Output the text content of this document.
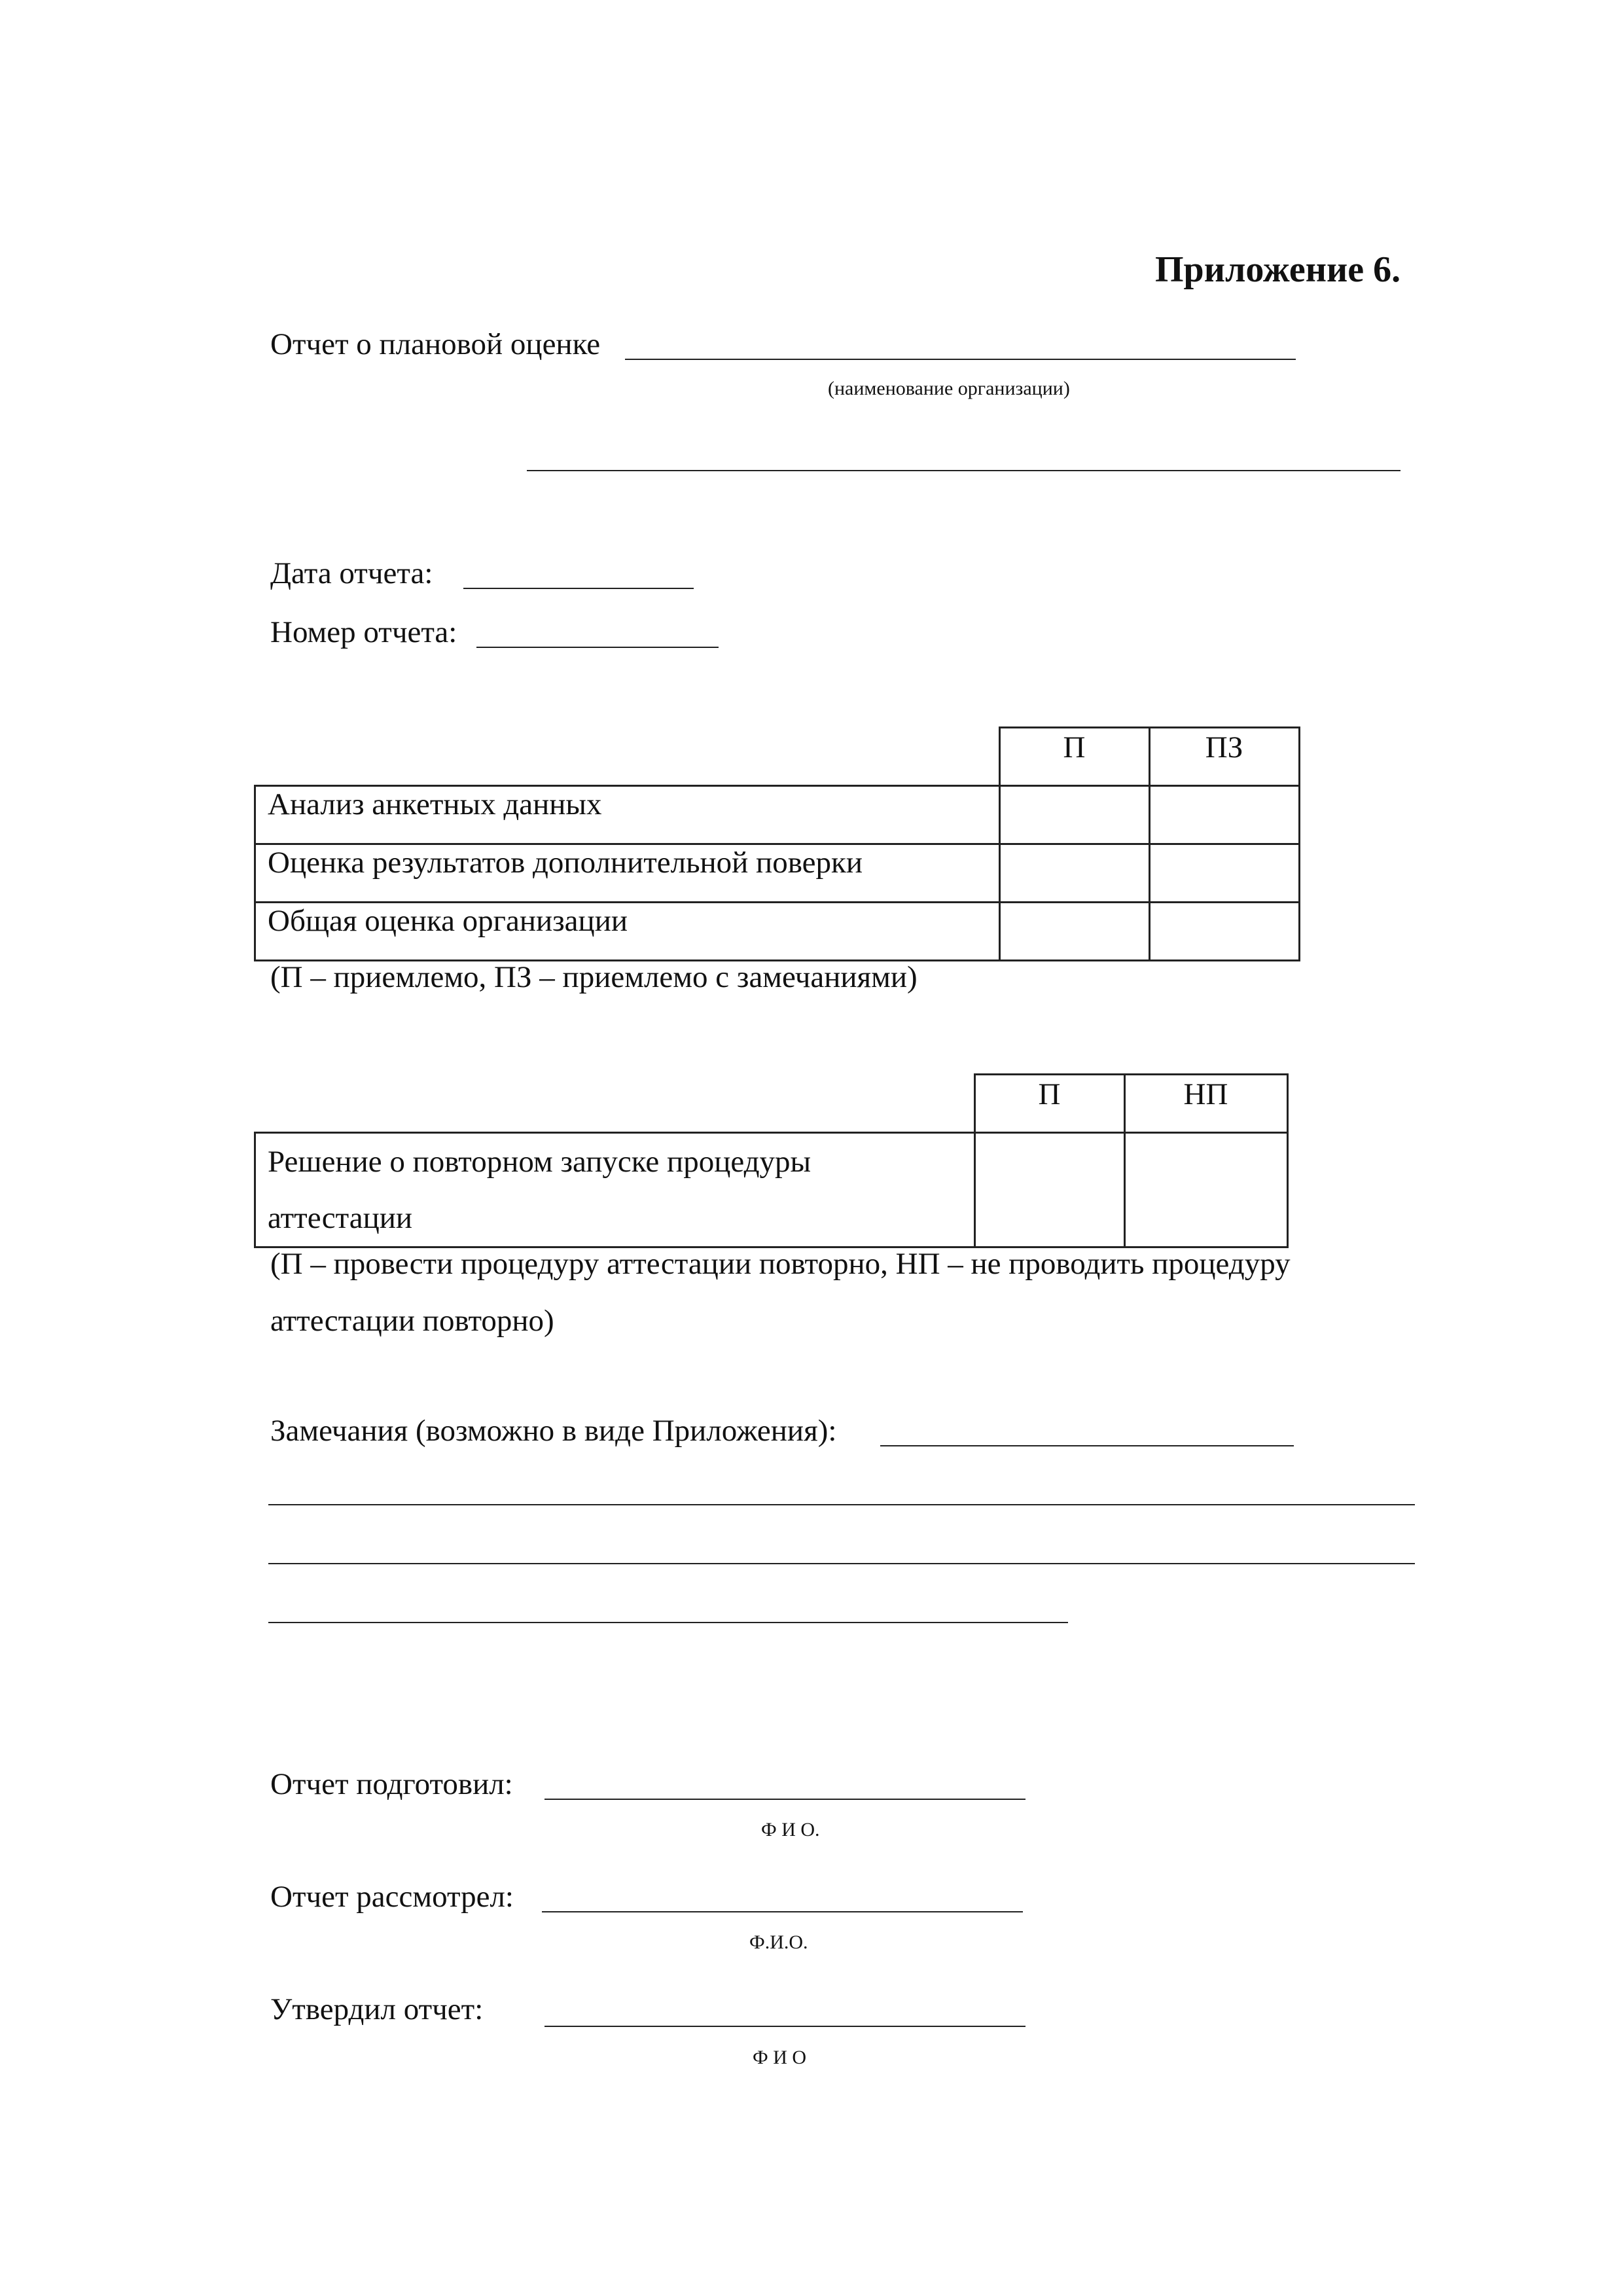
Приложение 6.
Отчет о плановой оценке
(наименование организации)
Дата отчета:
Номер отчета:
	П	ПЗ
Анализ анкетных данных		
Оценка результатов дополнительной поверки		
Общая оценка организации		
(П – приемлемо, ПЗ – приемлемо с замечаниями)
	П	НП

Решение о повторном запуске процедуры
аттестации		

(П – провести процедуру аттестации повторно, НП – не проводить процедуру
аттестации повторно)
Замечания (возможно в виде Приложения):
Отчет подготовил:
Ф И О.
Отчет рассмотрел:
Ф.И.О.
Утвердил отчет:
Ф И О
